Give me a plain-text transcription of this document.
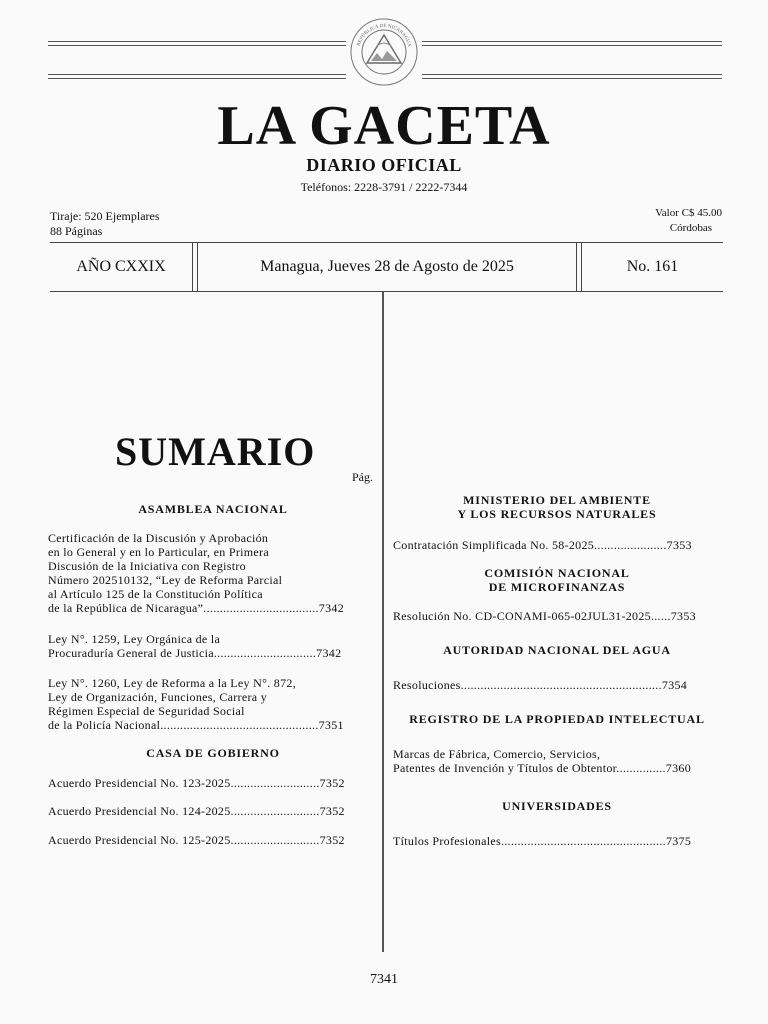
REPÚBLICA DE NICARAGUA
LA GACETA
DIARIO OFICIAL
Teléfonos: 2228-3791 / 2222-7344
Tiraje: 520 Ejemplares
88 Páginas
Valor C$ 45.00
Córdobas
AÑO CXXIX	Managua, Jueves 28 de Agosto de 2025	No. 161
SUMARIO
Pág.
ASAMBLEA NACIONAL
Certificación de la Discusión y Aprobación
en lo General y en lo Particular, en Primera
Discusión de la Iniciativa con Registro
Número 202510132, “Ley de Reforma Parcial
al Artículo 125 de la Constitución Política
de la República de Nicaragua”...................................7342
Ley N°. 1259, Ley Orgánica de la
Procuraduría General de Justicia...............................7342
Ley N°. 1260, Ley de Reforma a la Ley N°. 872,
Ley de Organización, Funciones, Carrera y
Régimen Especial de Seguridad Social
de la Policía Nacional................................................7351
CASA DE GOBIERNO
Acuerdo Presidencial No. 123-2025...........................7352
Acuerdo Presidencial No. 124-2025...........................7352
Acuerdo Presidencial No. 125-2025...........................7352
MINISTERIO DEL AMBIENTE
Y LOS RECURSOS NATURALES
Contratación Simplificada No. 58-2025......................7353
COMISIÓN NACIONAL
DE MICROFINANZAS
Resolución No. CD-CONAMI-065-02JUL31-2025......7353
AUTORIDAD NACIONAL DEL AGUA
Resoluciones.............................................................7354
REGISTRO DE LA PROPIEDAD INTELECTUAL
Marcas de Fábrica, Comercio, Servicios,
Patentes de Invención y Títulos de Obtentor...............7360
UNIVERSIDADES
Títulos Profesionales..................................................7375
7341
